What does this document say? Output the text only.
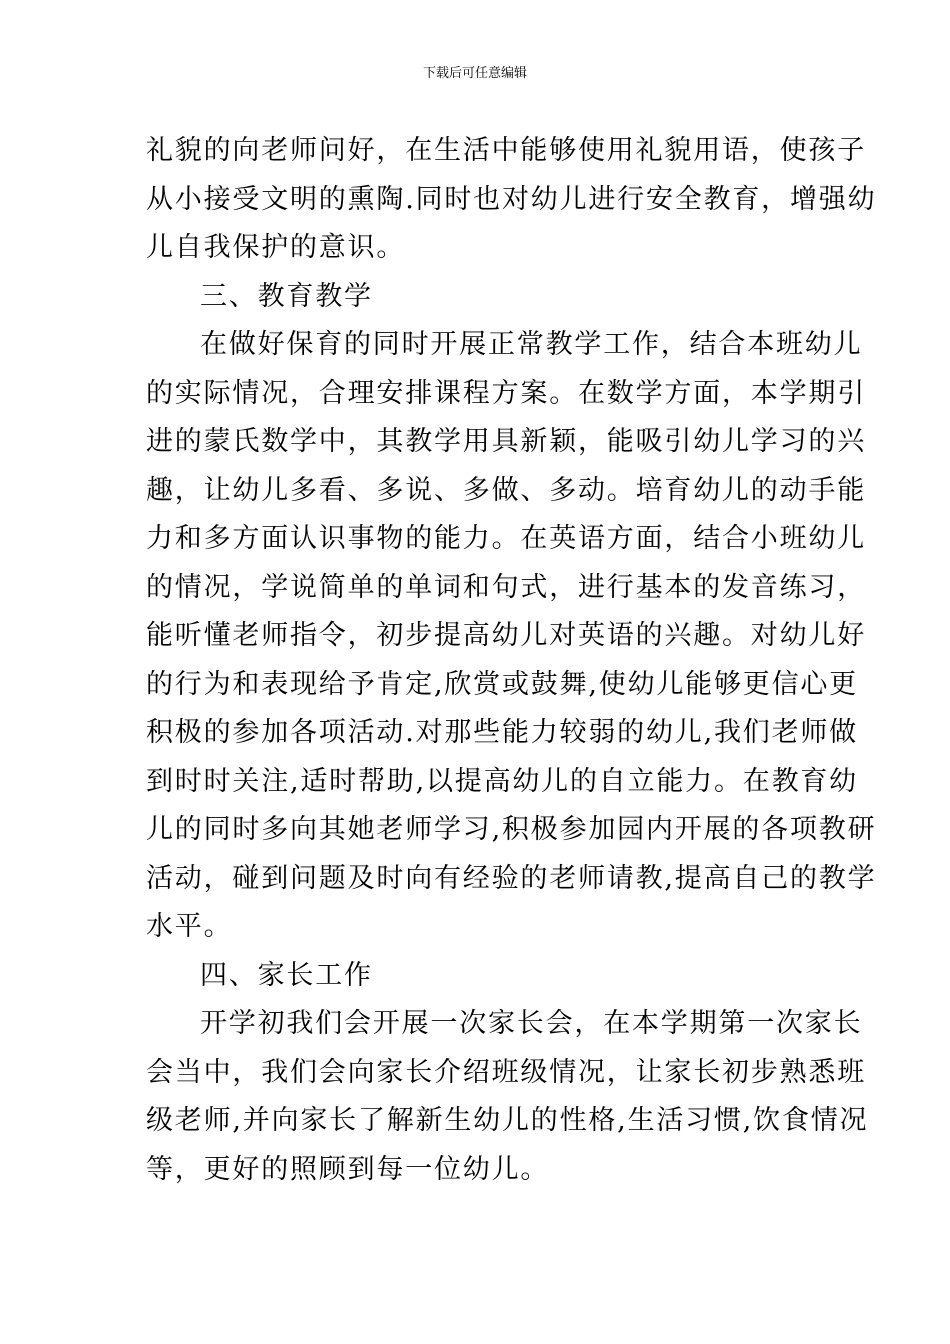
下载后可任意编辑

礼貌的向老师问好，在生活中能够使用礼貌用语，使孩子
从小接受文明的熏陶.同时也对幼儿进行安全教育，增强幼
儿自我保护的意识。

三、教育教学

在做好保育的同时开展正常教学工作，结合本班幼儿
的实际情况，合理安排课程方案。在数学方面，本学期引
进的蒙氏数学中，其教学用具新颖，能吸引幼儿学习的兴
趣，让幼儿多看、多说、多做、多动。培育幼儿的动手能
力和多方面认识事物的能力。在英语方面，结合小班幼儿
的情况，学说简单的单词和句式，进行基本的发音练习，
能听懂老师指令，初步提高幼儿对英语的兴趣。对幼儿好
的行为和表现给予肯定,欣赏或鼓舞,使幼儿能够更信心更
积极的参加各项活动.对那些能力较弱的幼儿,我们老师做
到时时关注,适时帮助,以提高幼儿的自立能力。在教育幼
儿的同时多向其她老师学习,积极参加园内开展的各项教研
活动，碰到问题及时向有经验的老师请教,提高自己的教学
水平。

四、家长工作

开学初我们会开展一次家长会，在本学期第一次家长
会当中，我们会向家长介绍班级情况，让家长初步熟悉班
级老师,并向家长了解新生幼儿的性格,生活习惯,饮食情况
等，更好的照顾到每一位幼儿。
